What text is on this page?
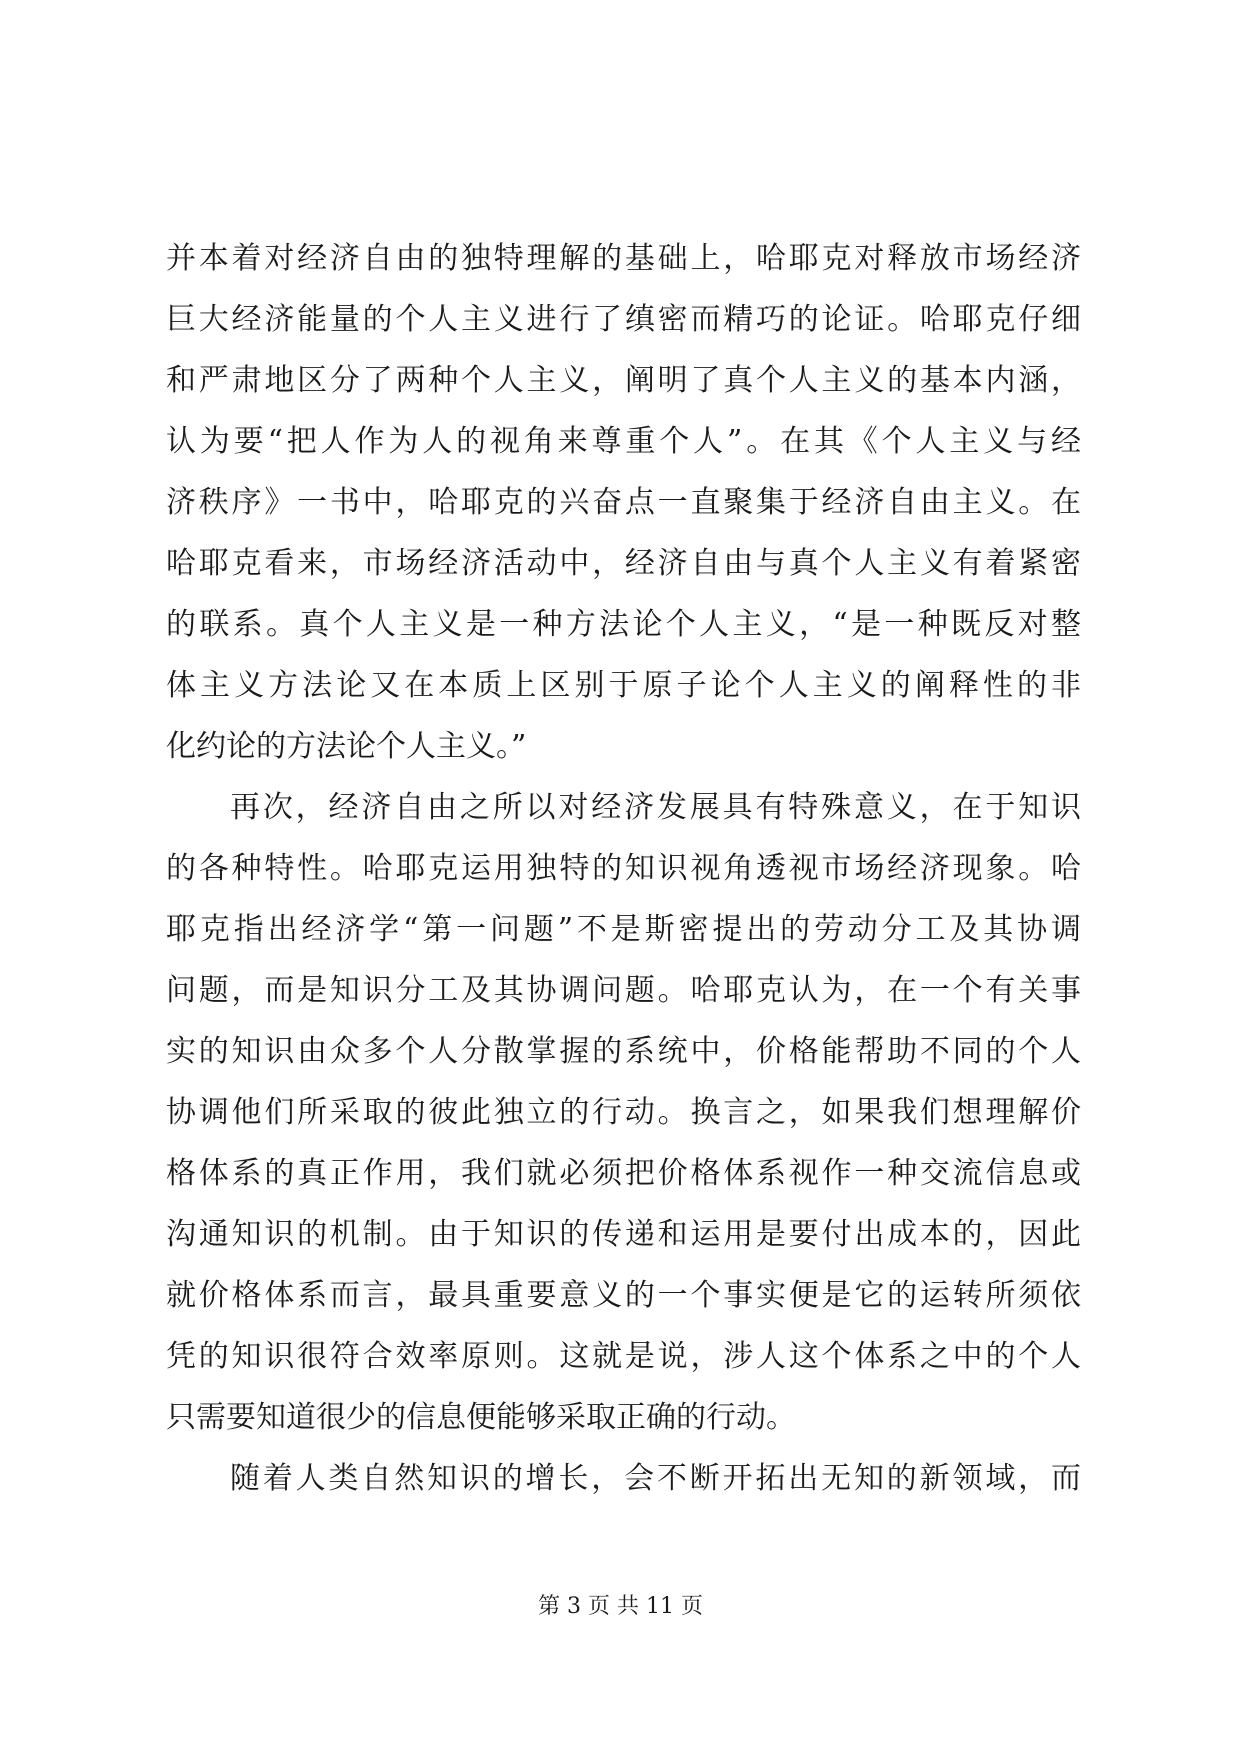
并本着对经济自由的独特理解的基础上，哈耶克对释放市场经济
巨大经济能量的个人主义进行了缜密而精巧的论证。哈耶克仔细
和严肃地区分了两种个人主义，阐明了真个人主义的基本内涵，
认为要“把人作为人的视角来尊重个人”。在其《个人主义与经
济秩序》一书中，哈耶克的兴奋点一直聚集于经济自由主义。在
哈耶克看来，市场经济活动中，经济自由与真个人主义有着紧密
的联系。真个人主义是一种方法论个人主义，“是一种既反对整
体主义方法论又在本质上区别于原子论个人主义的阐释性的非
化约论的方法论个人主义。”
再次，经济自由之所以对经济发展具有特殊意义，在于知识
的各种特性。哈耶克运用独特的知识视角透视市场经济现象。哈
耶克指出经济学“第一问题”不是斯密提出的劳动分工及其协调
问题，而是知识分工及其协调问题。哈耶克认为，在一个有关事
实的知识由众多个人分散掌握的系统中，价格能帮助不同的个人
协调他们所采取的彼此独立的行动。换言之，如果我们想理解价
格体系的真正作用，我们就必须把价格体系视作一种交流信息或
沟通知识的机制。由于知识的传递和运用是要付出成本的，因此
就价格体系而言，最具重要意义的一个事实便是它的运转所须依
凭的知识很符合效率原则。这就是说，涉人这个体系之中的个人
只需要知道很少的信息便能够采取正确的行动。
随着人类自然知识的增长，会不断开拓出无知的新领域，而
第 3 页 共 11 页
